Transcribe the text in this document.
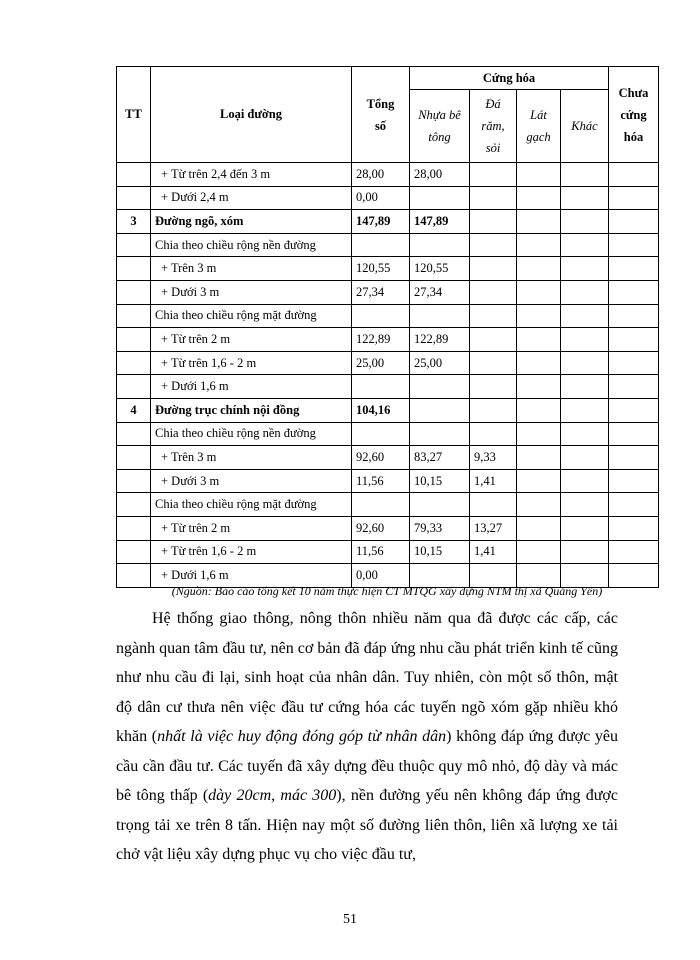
TT	Loại đường	Tổng số	Cứng hóa				Chưa cứng hóa
			Nhựa bê tông	Đá răm, sỏi	Lát gạch	Khác	
	+ Từ trên 2,4 đến 3 m	28,00	28,00				
	+ Dưới 2,4 m	0,00					
3	Đường ngõ, xóm	147,89	147,89				
	Chia theo chiều rộng nền đường						
	+ Trên 3 m	120,55	120,55				
	+ Dưới 3 m	27,34	27,34				
	Chia theo chiều rộng mặt đường						
	+ Từ trên 2 m	122,89	122,89				
	+ Từ trên 1,6 - 2 m	25,00	25,00				
	+ Dưới 1,6 m						
4	Đường trục chính nội đồng	104,16					
	Chia theo chiều rộng nền đường						
	+ Trên 3 m	92,60	83,27	9,33			
	+ Dưới 3 m	11,56	10,15	1,41			
	Chia theo chiều rộng mặt đường						
	+ Từ trên 2 m	92,60	79,33	13,27			
	+ Từ trên 1,6 - 2 m	11,56	10,15	1,41			
	+ Dưới 1,6 m	0,00					
(Nguồn: Báo cáo tổng kết 10 năm thực hiện CT MTQG xây dựng NTM thị xã Quảng Yên)

Hệ thống giao thông, nông thôn nhiều năm qua đã được các cấp, các ngành quan tâm đầu tư, nên cơ bản đã đáp ứng nhu cầu phát triển kinh tế cũng như nhu cầu đi lại, sinh hoạt của nhân dân. Tuy nhiên, còn một số thôn, mật độ dân cư thưa nên việc đầu tư cứng hóa các tuyến ngõ xóm gặp nhiều khó khăn (nhất là việc huy động đóng góp từ nhân dân) không đáp ứng được yêu cầu cần đầu tư. Các tuyến đã xây dựng đều thuộc quy mô nhỏ, độ dày và mác bê tông thấp (dày 20cm, mác 300), nền đường yếu nên không đáp ứng được trọng tải xe trên 8 tấn. Hiện nay một số đường liên thôn, liên xã lượng xe tải chở vật liệu xây dựng phục vụ cho việc đầu tư,

51
